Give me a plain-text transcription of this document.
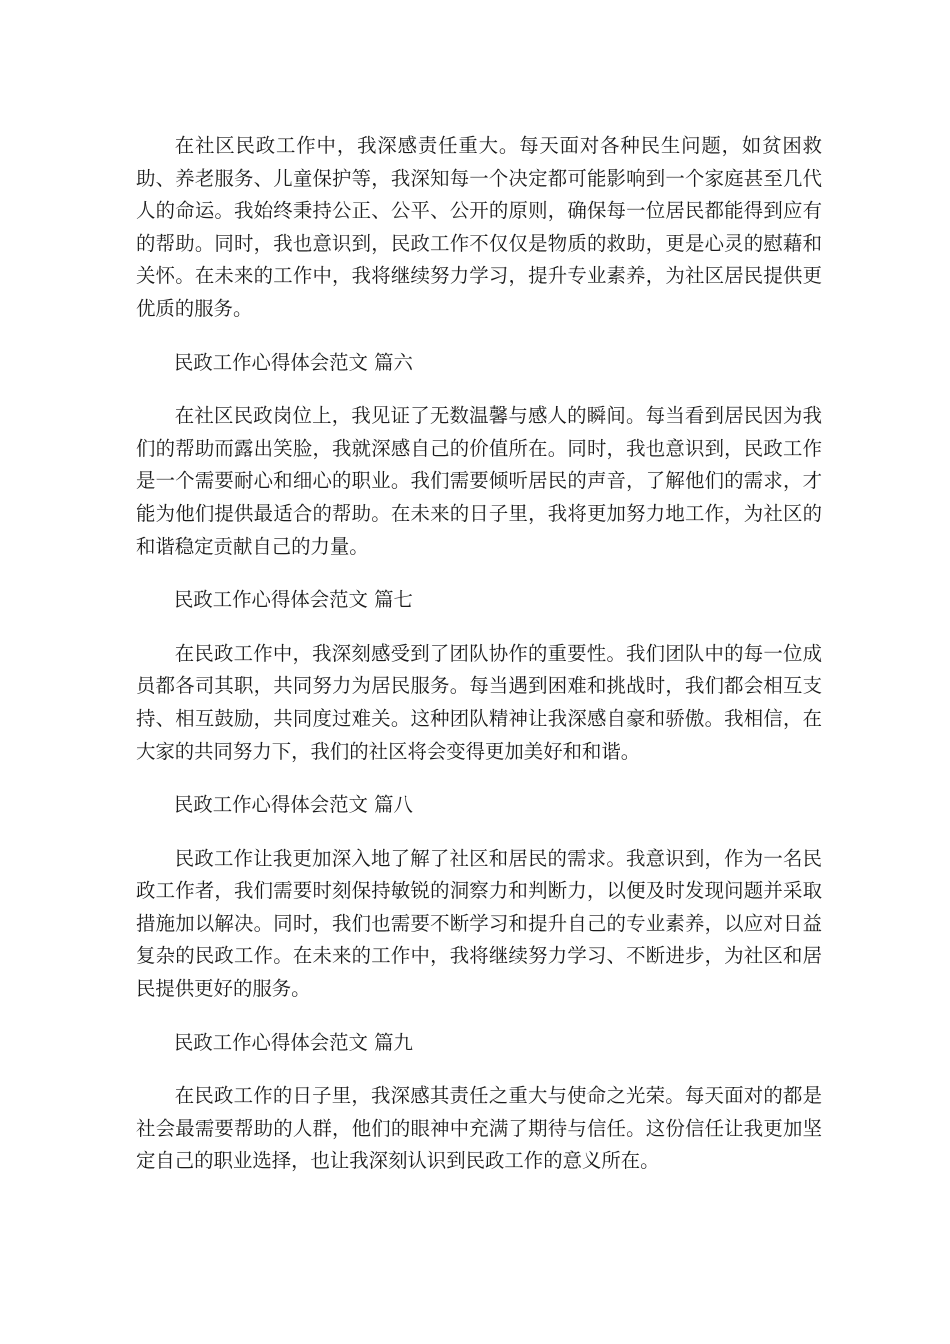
在社区民政工作中，我深感责任重大。每天面对各种民生问题，如贫困救助、养老服务、儿童保护等，我深知每一个决定都可能影响到一个家庭甚至几代人的命运。我始终秉持公正、公平、公开的原则，确保每一位居民都能得到应有的帮助。同时，我也意识到，民政工作不仅仅是物质的救助，更是心灵的慰藉和关怀。在未来的工作中，我将继续努力学习，提升专业素养，为社区居民提供更优质的服务。

民政工作心得体会范文 篇六

在社区民政岗位上，我见证了无数温馨与感人的瞬间。每当看到居民因为我们的帮助而露出笑脸，我就深感自己的价值所在。同时，我也意识到，民政工作是一个需要耐心和细心的职业。我们需要倾听居民的声音，了解他们的需求，才能为他们提供最适合的帮助。在未来的日子里，我将更加努力地工作，为社区的和谐稳定贡献自己的力量。

民政工作心得体会范文 篇七

在民政工作中，我深刻感受到了团队协作的重要性。我们团队中的每一位成员都各司其职，共同努力为居民服务。每当遇到困难和挑战时，我们都会相互支持、相互鼓励，共同度过难关。这种团队精神让我深感自豪和骄傲。我相信，在大家的共同努力下，我们的社区将会变得更加美好和和谐。

民政工作心得体会范文 篇八

民政工作让我更加深入地了解了社区和居民的需求。我意识到，作为一名民政工作者，我们需要时刻保持敏锐的洞察力和判断力，以便及时发现问题并采取措施加以解决。同时，我们也需要不断学习和提升自己的专业素养，以应对日益复杂的民政工作。在未来的工作中，我将继续努力学习、不断进步，为社区和居民提供更好的服务。

民政工作心得体会范文 篇九

在民政工作的日子里，我深感其责任之重大与使命之光荣。每天面对的都是社会最需要帮助的人群，他们的眼神中充满了期待与信任。这份信任让我更加坚定自己的职业选择，也让我深刻认识到民政工作的意义所在。
